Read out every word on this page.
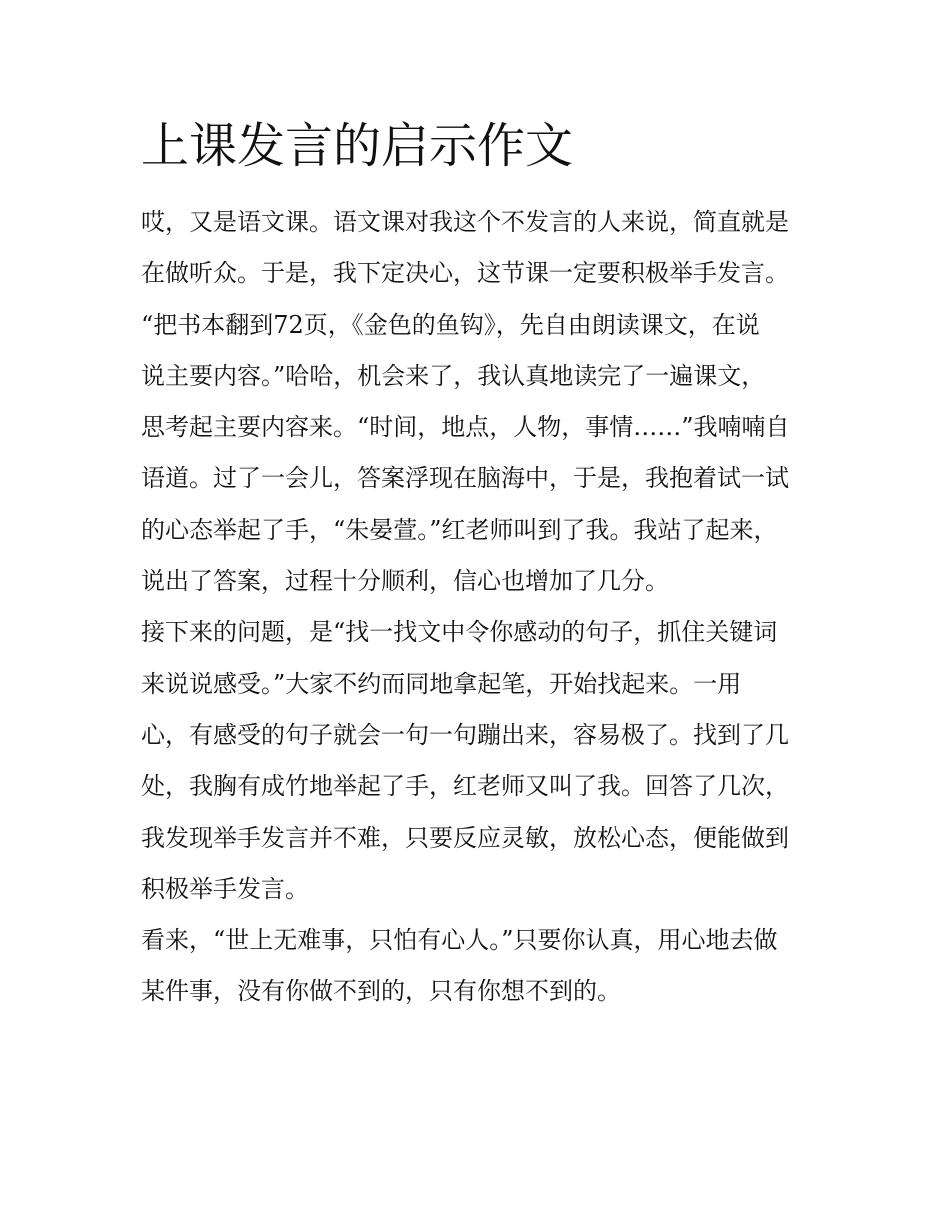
上课发言的启示作文
哎，又是语文课。语文课对我这个不发言的人来说，简直就是
在做听众。于是，我下定决心，这节课一定要积极举手发言。
“把书本翻到72页，《金色的鱼钩》，先自由朗读课文，在说
说主要内容。”哈哈，机会来了，我认真地读完了一遍课文，
思考起主要内容来。“时间，地点，人物，事情……”我喃喃自
语道。过了一会儿，答案浮现在脑海中，于是，我抱着试一试
的心态举起了手，“朱晏萱。”红老师叫到了我。我站了起来，
说出了答案，过程十分顺利，信心也增加了几分。
接下来的问题，是“找一找文中令你感动的句子，抓住关键词
来说说感受。”大家不约而同地拿起笔，开始找起来。一用
心，有感受的句子就会一句一句蹦出来，容易极了。找到了几
处，我胸有成竹地举起了手，红老师又叫了我。回答了几次，
我发现举手发言并不难，只要反应灵敏，放松心态，便能做到
积极举手发言。
看来，“世上无难事，只怕有心人。”只要你认真，用心地去做
某件事，没有你做不到的，只有你想不到的。
